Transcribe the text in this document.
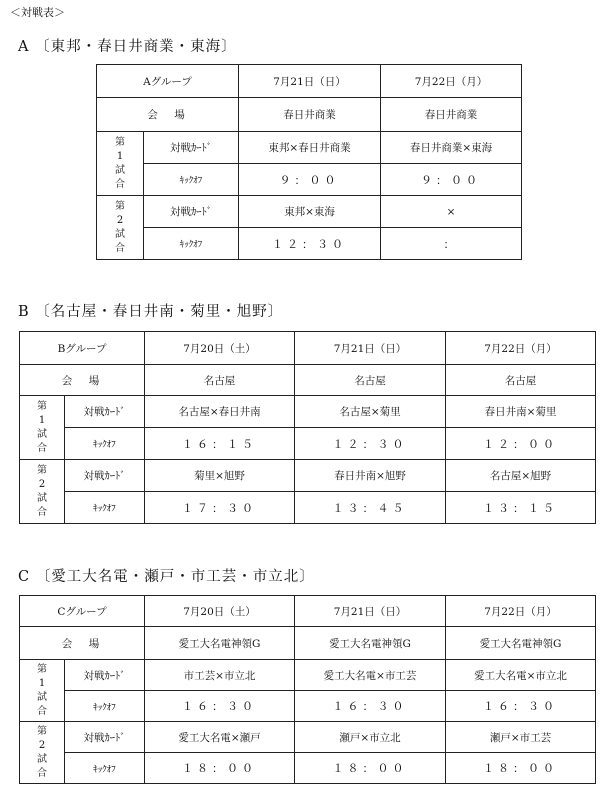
＜対戦表＞
A 〔東邦・春日井商業・東海〕
Aグループ		7月21日（日）	7月22日（月）
会　場		春日井商業	春日井商業

第
1
試
合	対戦ｶｰﾄﾞ	東邦×春日井商業	春日井商業×東海
	ｷｯｸｵﾌ	９：００	９：００

第
2
試
合	対戦ｶｰﾄﾞ	東邦×東海	×
	ｷｯｸｵﾌ	１２：３０	：
B 〔名古屋・春日井南・菊里・旭野〕
Bグループ		7月20日（土）	7月21日（日）	7月22日（月）
会　場		名古屋	名古屋	名古屋

第
1
試
合	対戦ｶｰﾄﾞ	名古屋×春日井南	名古屋×菊里	春日井南×菊里
	ｷｯｸｵﾌ	１６：１５	１２：３０	１２：００

第
2
試
合	対戦ｶｰﾄﾞ	菊里×旭野	春日井南×旭野	名古屋×旭野
	ｷｯｸｵﾌ	１７：３０	１３：４５	１３：１５
C 〔愛工大名電・瀬戸・市工芸・市立北〕
Cグループ		7月20日（土）	7月21日（日）	7月22日（月）
会　場		愛工大名電神領G	愛工大名電神領G	愛工大名電神領G

第
1
試
合	対戦ｶｰﾄﾞ	市工芸×市立北	愛工大名電×市工芸	愛工大名電×市立北
	ｷｯｸｵﾌ	１６：３０	１６：３０	１６：３０

第
2
試
合	対戦ｶｰﾄﾞ	愛工大名電×瀬戸	瀬戸×市立北	瀬戸×市工芸
	ｷｯｸｵﾌ	１８：００	１８：００	１８：００
